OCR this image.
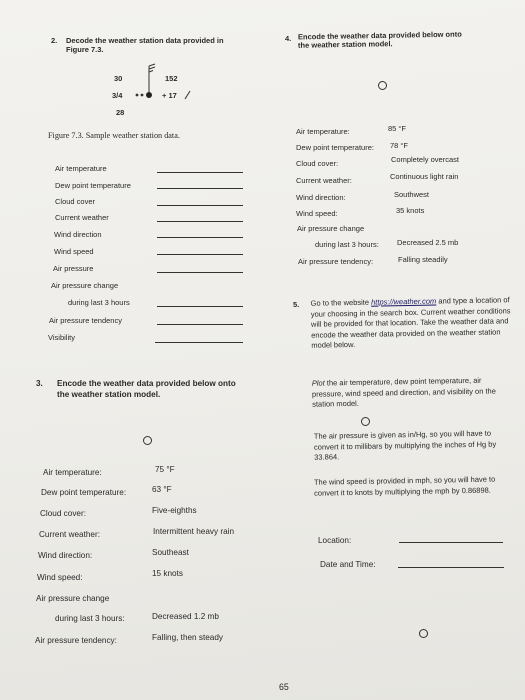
2. Decode the weather station data provided in
Figure 7.3.
30	152
3/4	+ 17
28
Figure 7.3. Sample weather station data.
Air temperature
Dew point temperature
Cloud cover
Current weather
Wind direction
Wind speed
Air pressure
Air pressure change
during last 3 hours
Air pressure tendency
Visibility
3. Encode the weather data provided below onto
the weather station model.
Air temperature:	75 °F
Dew point temperature:	63 °F
Cloud cover:	Five-eighths
Current weather:	Intermittent heavy rain
Wind direction:	Southeast
Wind speed:	15 knots
Air pressure change
during last 3 hours:	Decreased 1.2 mb
Air pressure tendency:	Falling, then steady
4. Encode the weather data provided below onto
the weather station model.
Air temperature:	85 °F
Dew point temperature: 78 °F
Cloud cover:	Completely overcast
Current weather:	Continuous light rain
Wind direction:	Southwest
Wind speed:	35 knots
Air pressure change
during last 3 hours: Decreased 2.5 mb
Air pressure tendency:	Falling steadily
5. Go to the website https://weather.com and type a location of your choosing in the search box. Current weather conditions will be provided for that location. Take the weather data and encode the weather data provided on the weather station model below.
Plot the air temperature, dew point temperature, air pressure, wind speed and direction, and visibility on the station model.
The air pressure is given as in/Hg, so you will have to convert it to millibars by multiplying the inches of Hg by 33.864.
The wind speed is provided in mph, so you will have to convert it to knots by multiplying the mph by 0.86898.
Location:
Date and Time:
65
